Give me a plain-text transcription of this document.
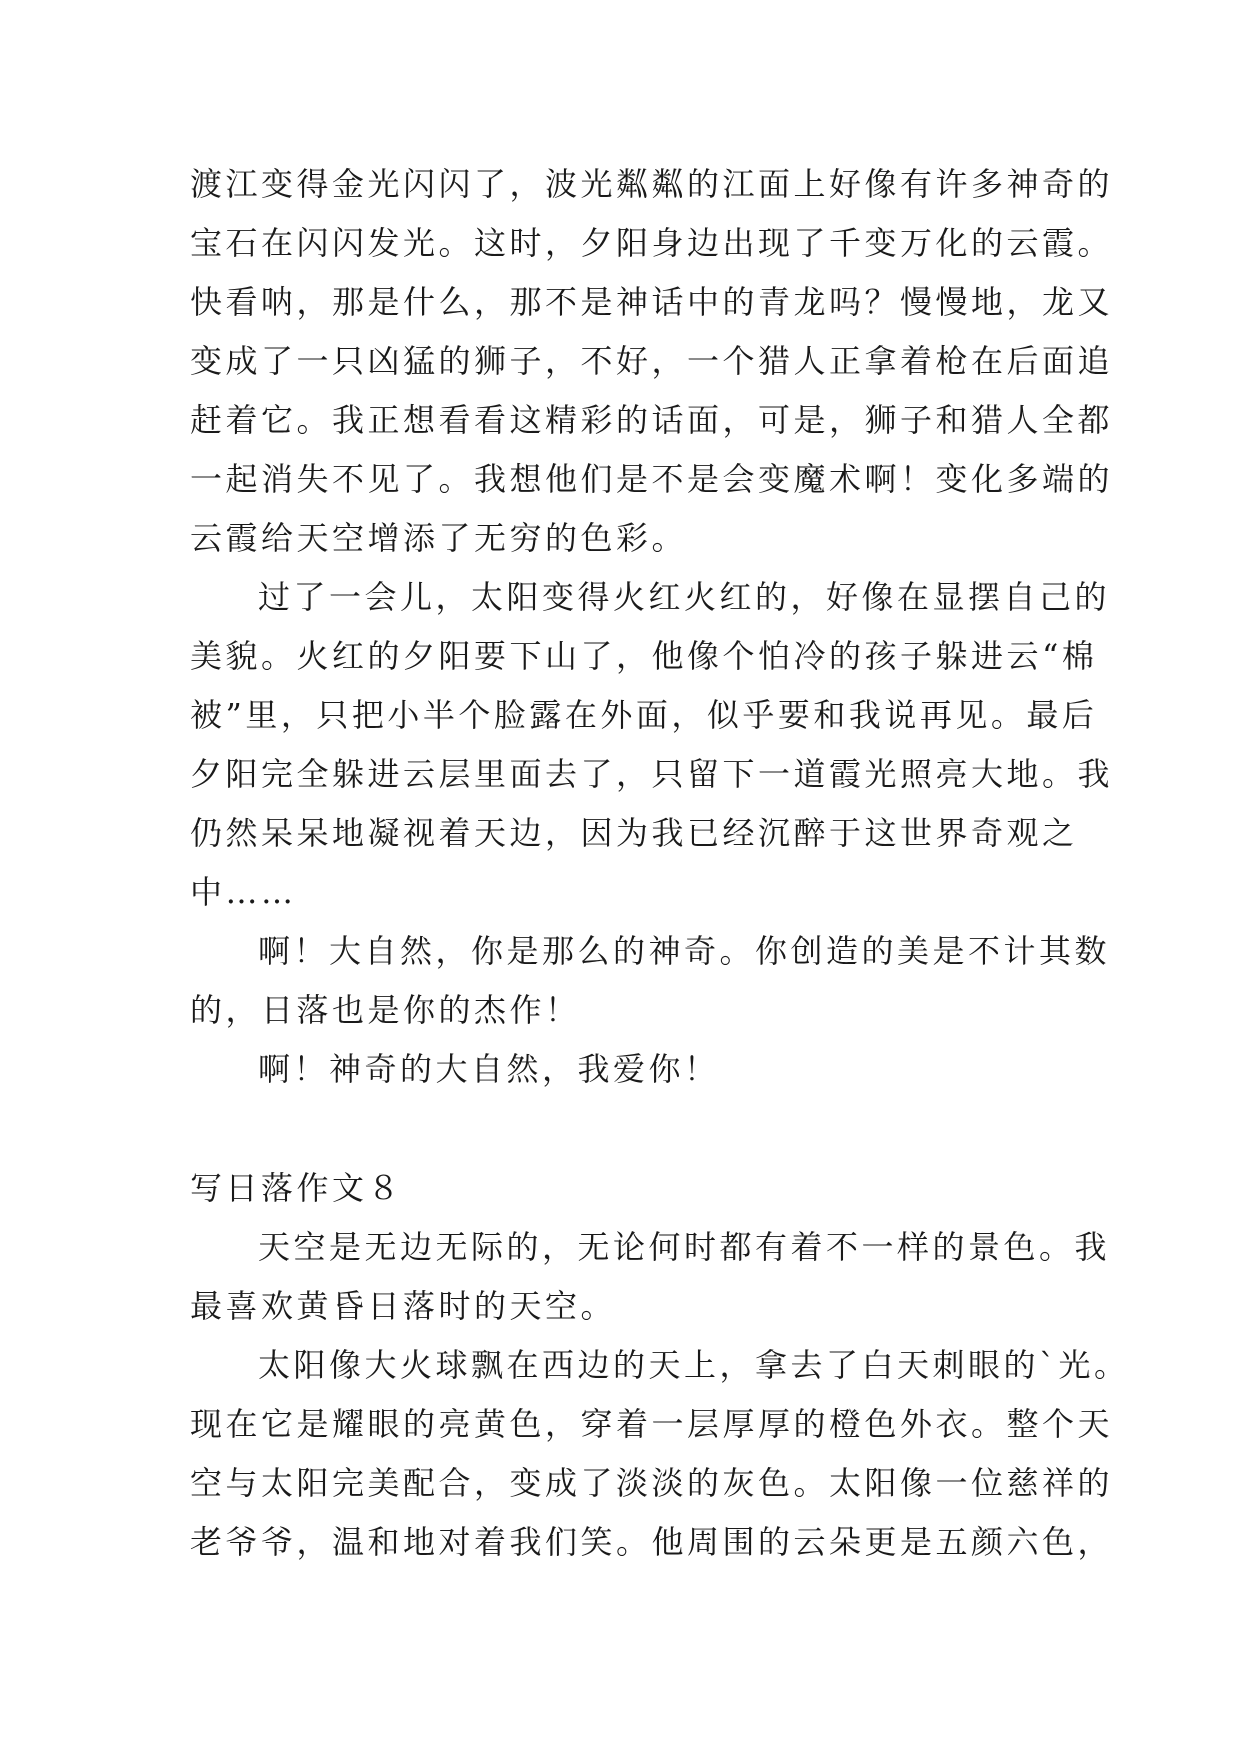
渡江变得金光闪闪了，波光粼粼的江面上好像有许多神奇的
宝石在闪闪发光。这时，夕阳身边出现了千变万化的云霞。
快看呐，那是什么，那不是神话中的青龙吗？慢慢地，龙又
变成了一只凶猛的狮子，不好，一个猎人正拿着枪在后面追
赶着它。我正想看看这精彩的话面，可是，狮子和猎人全都
一起消失不见了。我想他们是不是会变魔术啊！变化多端的
云霞给天空增添了无穷的色彩。
过了一会儿，太阳变得火红火红的，好像在显摆自己的
美貌。火红的夕阳要下山了，他像个怕冷的孩子躲进云“棉
被”里，只把小半个脸露在外面，似乎要和我说再见。最后
夕阳完全躲进云层里面去了，只留下一道霞光照亮大地。我
仍然呆呆地凝视着天边，因为我已经沉醉于这世界奇观之
中……
啊！大自然，你是那么的神奇。你创造的美是不计其数
的，日落也是你的杰作！
啊！神奇的大自然，我爱你！
写日落作文８
天空是无边无际的，无论何时都有着不一样的景色。我
最喜欢黄昏日落时的天空。
太阳像大火球飘在西边的天上，拿去了白天刺眼的`光。
现在它是耀眼的亮黄色，穿着一层厚厚的橙色外衣。整个天
空与太阳完美配合，变成了淡淡的灰色。太阳像一位慈祥的
老爷爷，温和地对着我们笑。他周围的云朵更是五颜六色，
